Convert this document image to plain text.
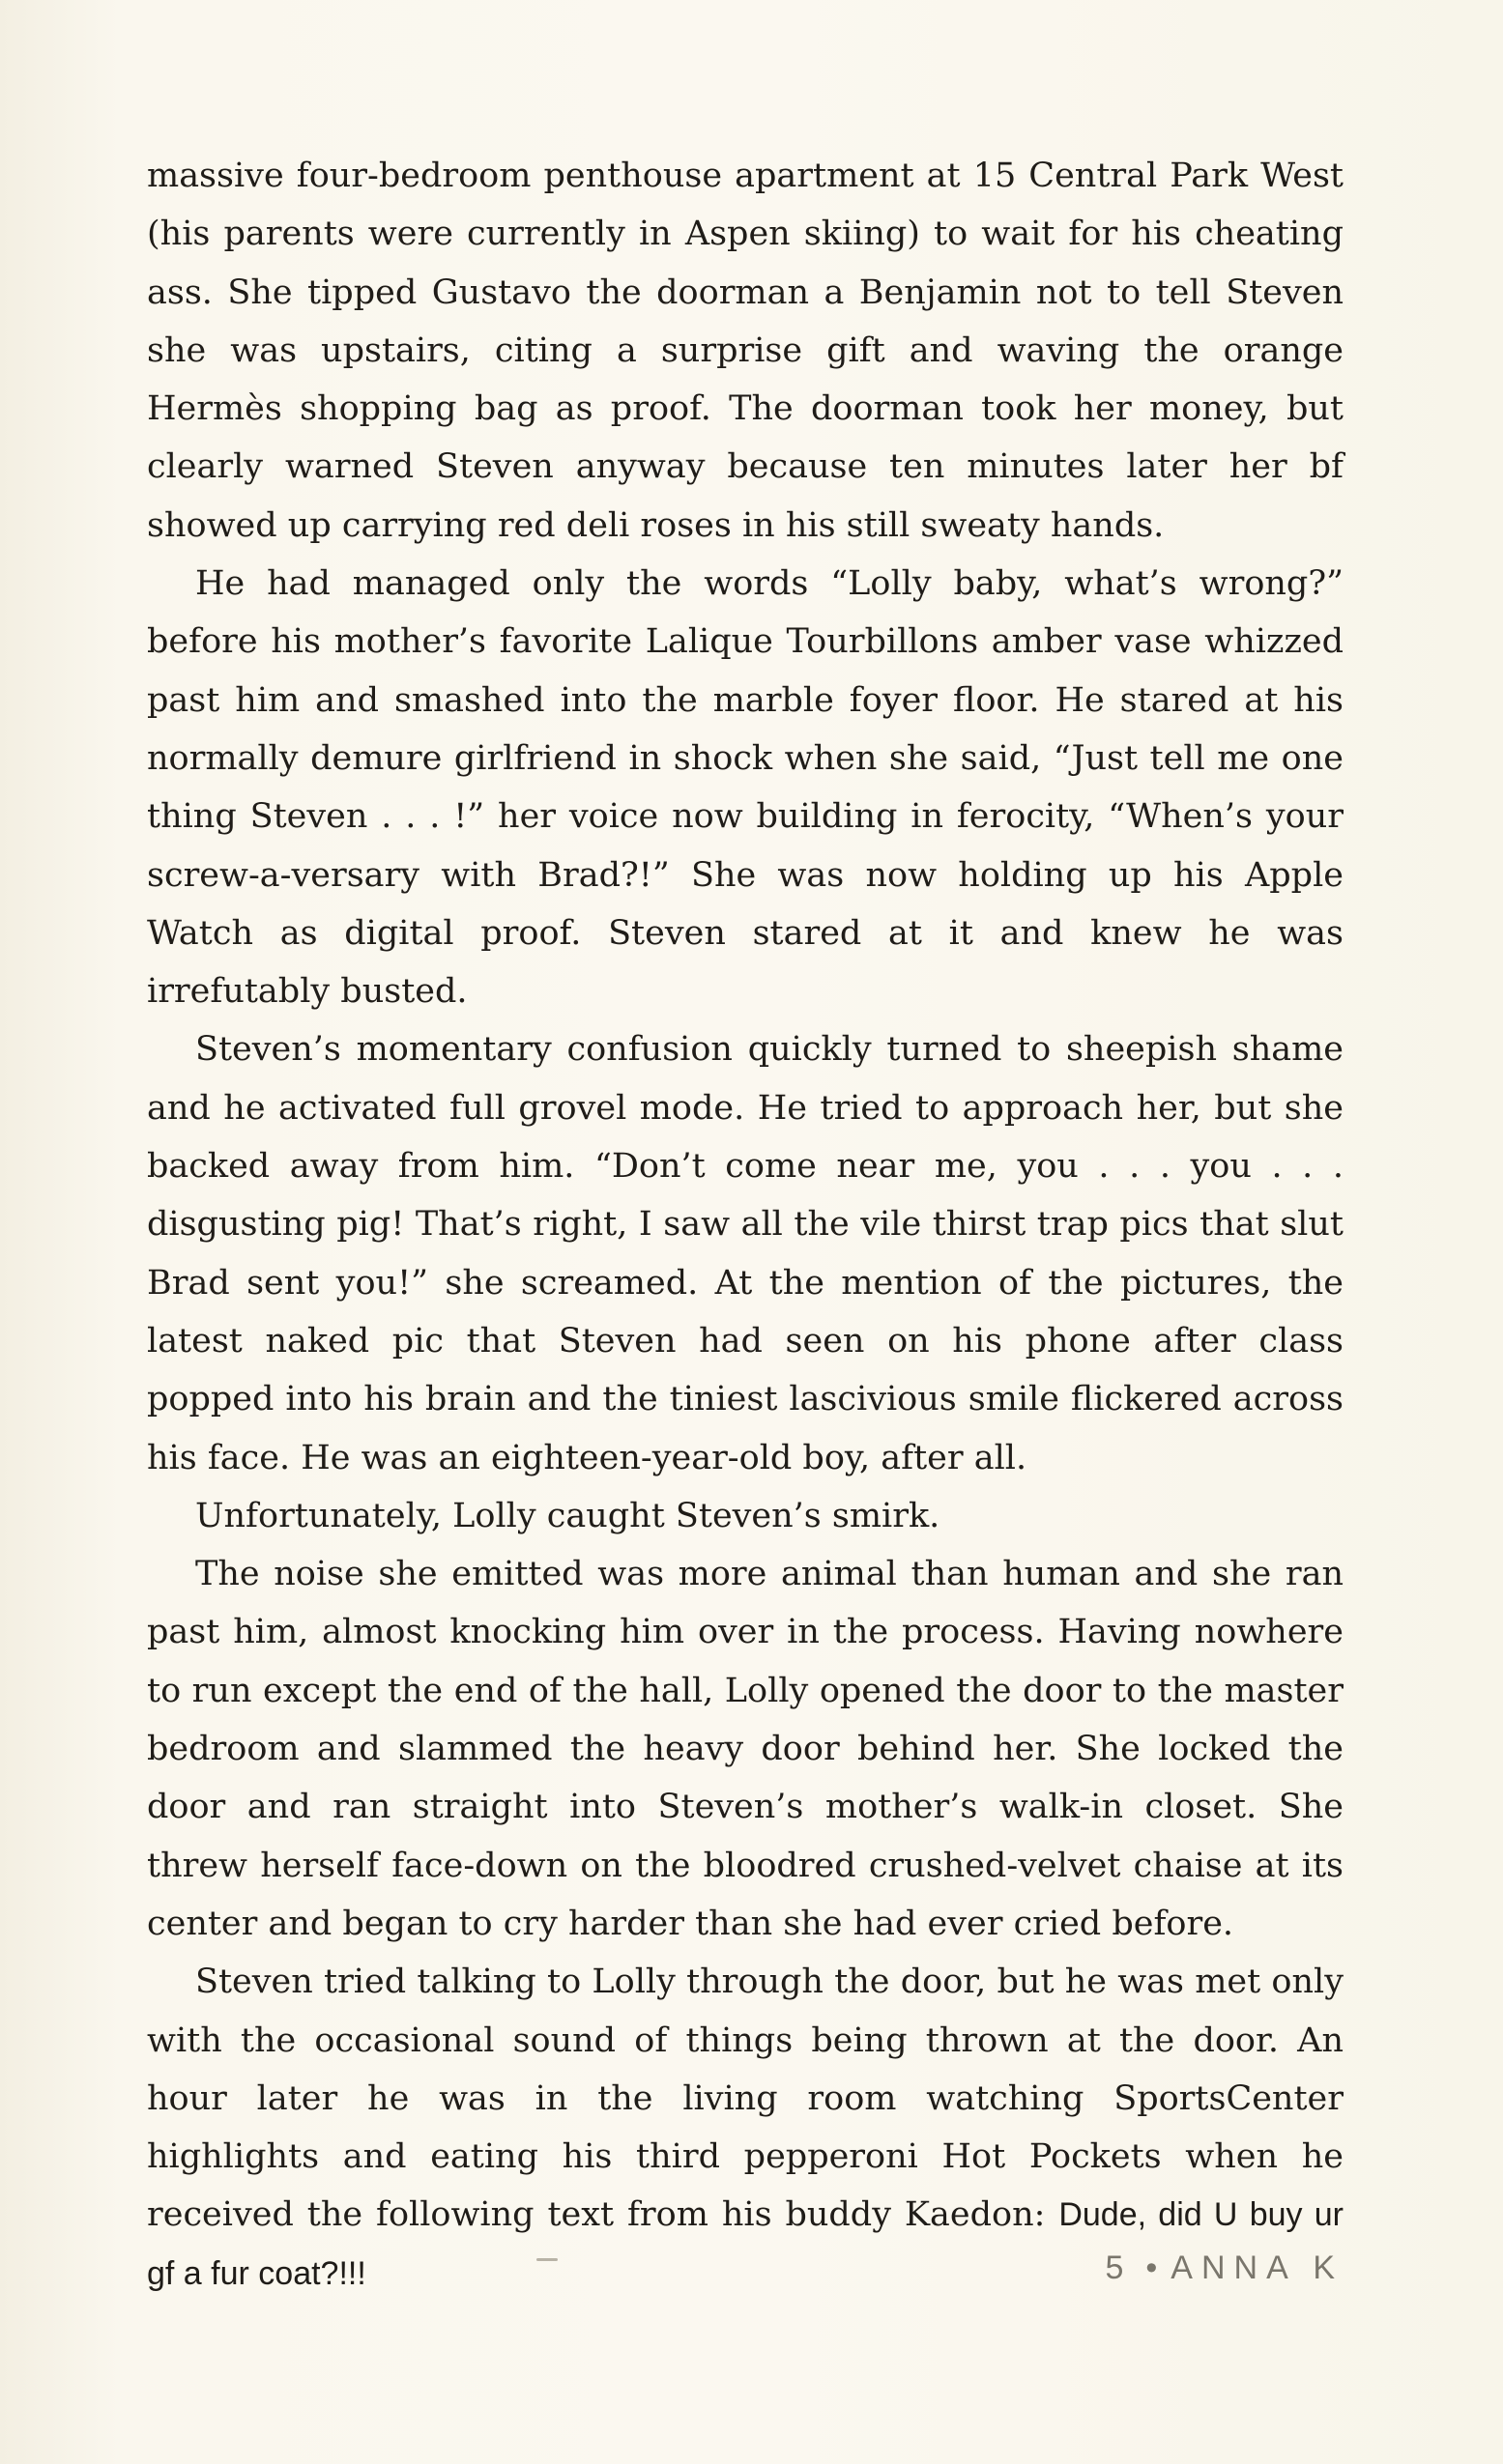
massive four-bedroom penthouse apartment at 15 Central Park West (his parents were currently in Aspen skiing) to wait for his cheating ass. She tipped Gustavo the doorman a Benjamin not to tell Steven she was upstairs, citing a surprise gift and waving the orange Hermès shopping bag as proof. The doorman took her money, but clearly warned Steven anyway because ten minutes later her bf showed up carrying red deli roses in his still sweaty hands.

He had managed only the words “Lolly baby, what’s wrong?” before his mother’s favorite Lalique Tourbillons amber vase whizzed past him and smashed into the marble foyer floor. He stared at his normally demure girlfriend in shock when she said, “Just tell me one thing Steven . . . !” her voice now building in ferocity, “When’s your screw-a-versary with Brad?!” She was now holding up his Apple Watch as digital proof. Steven stared at it and knew he was irrefutably busted.

Steven’s momentary confusion quickly turned to sheepish shame and he activated full grovel mode. He tried to approach her, but she backed away from him. “Don’t come near me, you . . . you . . . disgusting pig! That’s right, I saw all the vile thirst trap pics that slut Brad sent you!” she screamed. At the mention of the pictures, the latest naked pic that Steven had seen on his phone after class popped into his brain and the tiniest lascivious smile flickered across his face. He was an eighteen-year-old boy, after all.

Unfortunately, Lolly caught Steven’s smirk.

The noise she emitted was more animal than human and she ran past him, almost knocking him over in the process. Having nowhere to run except the end of the hall, Lolly opened the door to the master bedroom and slammed the heavy door behind her. She locked the door and ran straight into Steven’s mother’s walk-in closet. She threw herself face-down on the bloodred crushed-velvet chaise at its center and began to cry harder than she had ever cried before.

Steven tried talking to Lolly through the door, but he was met only with the occasional sound of things being thrown at the door. An hour later he was in the living room watching SportsCenter highlights and eating his third pepperoni Hot Pockets when he received the following text from his buddy Kaedon: Dude, did U buy ur gf a fur coat?!!!	5 • ANNA K
